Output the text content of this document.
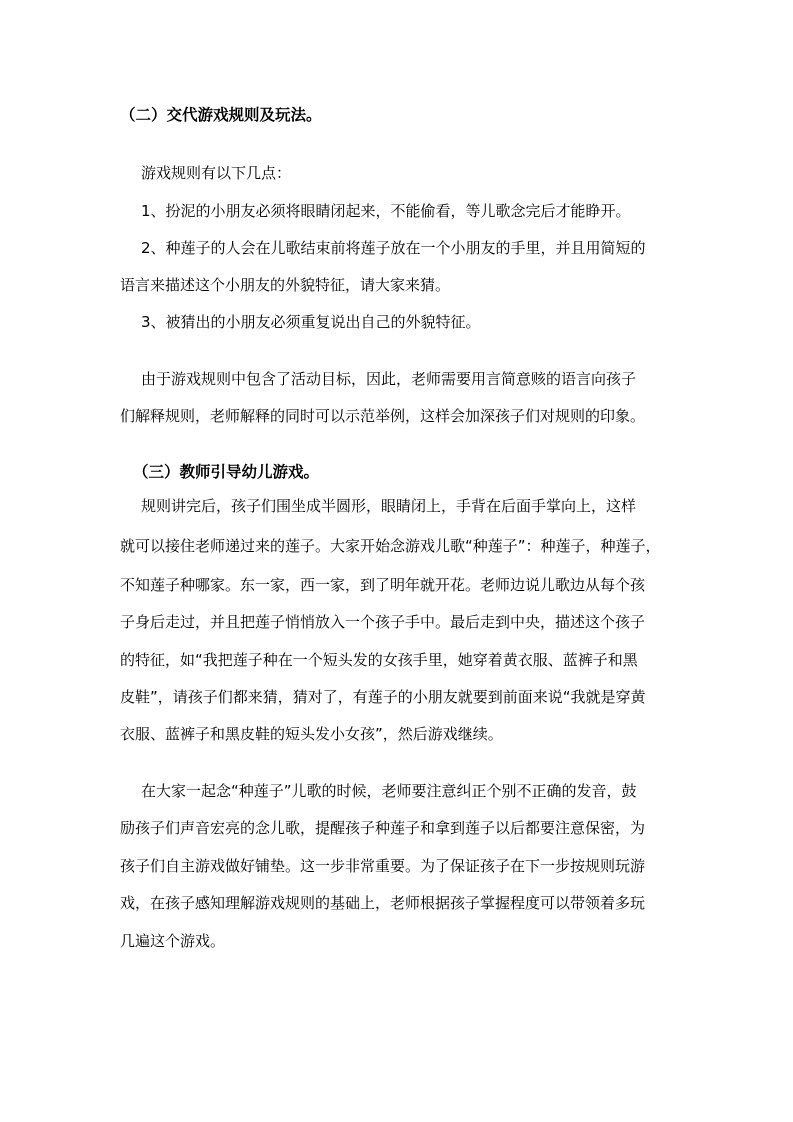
（二）交代游戏规则及玩法。

游戏规则有以下几点：

1、扮泥的小朋友必须将眼睛闭起来，不能偷看，等儿歌念完后才能睁开。

2、种莲子的人会在儿歌结束前将莲子放在一个小朋友的手里，并且用简短的

语言来描述这个小朋友的外貌特征，请大家来猜。

3、被猜出的小朋友必须重复说出自己的外貌特征。

由于游戏规则中包含了活动目标，因此，老师需要用言简意赅的语言向孩子

们解释规则，老师解释的同时可以示范举例，这样会加深孩子们对规则的印象。

（三）教师引导幼儿游戏。

规则讲完后，孩子们围坐成半圆形，眼睛闭上，手背在后面手掌向上，这样

就可以接住老师递过来的莲子。大家开始念游戏儿歌“种莲子”：种莲子，种莲子，

不知莲子种哪家。东一家，西一家，到了明年就开花。老师边说儿歌边从每个孩

子身后走过，并且把莲子悄悄放入一个孩子手中。最后走到中央，描述这个孩子

的特征，如“我把莲子种在一个短头发的女孩手里，她穿着黄衣服、蓝裤子和黑

皮鞋”，请孩子们都来猜，猜对了，有莲子的小朋友就要到前面来说“我就是穿黄

衣服、蓝裤子和黑皮鞋的短头发小女孩”，然后游戏继续。

在大家一起念“种莲子”儿歌的时候，老师要注意纠正个别不正确的发音，鼓

励孩子们声音宏亮的念儿歌，提醒孩子种莲子和拿到莲子以后都要注意保密，为

孩子们自主游戏做好铺垫。这一步非常重要。为了保证孩子在下一步按规则玩游

戏，在孩子感知理解游戏规则的基础上，老师根据孩子掌握程度可以带领着多玩

几遍这个游戏。
